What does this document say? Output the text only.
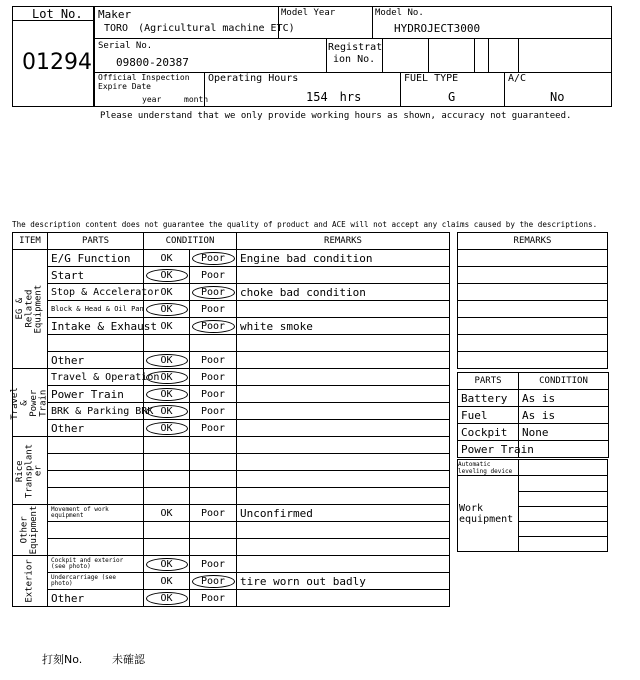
Lot No.
01294
Maker
TORO　(Agricultural machine ETC)
Model Year	Model No.
HYDROJECT3000
Serial No.
09800-20387
Registrat
ion No.
Official Inspection
Expire Date
year	month
Operating Hours
154　hrs
FUEL TYPE
G
A/C
No
Please understand that we only provide working hours as shown, accuracy not guaranteed.
The description content does not guarantee the quality of product and ACE will not accept any claims caused by the descriptions.
ITEM	PARTS	CONDITION		REMARKS

EG & Related Equipment	E/G Function	OK	Poor	Engine bad condition
	Start	OK	Poor	
	Stop & Accelerator	OK	Poor	choke bad condition
	Block & Head & Oil Pan	OK	Poor	
	Intake & Exhaust	OK	Poor	white smoke

	Other	OK	Poor	

Travel & Power
Train	Travel & Operation	OK	Poor	
	Power Train	OK	Poor	
	BRK & Parking BRK	OK	Poor	
	Other	OK	Poor	

Rice
Transplant
er				

Other
Equipment	Movement of work equipment	OK	Poor	Unconfirmed

Exterior	Cockpit and exterior (see photo)	OK	Poor	
	Undercarriage (see photo)	OK	Poor	tire worn out badly
	Other	OK	Poor	
REMARKS

PARTS	CONDITION
Battery	As is
Fuel	As is
Cockpit	None
Power Train	
Automatic leveling device
Work equipment
打刻No.	未確認
